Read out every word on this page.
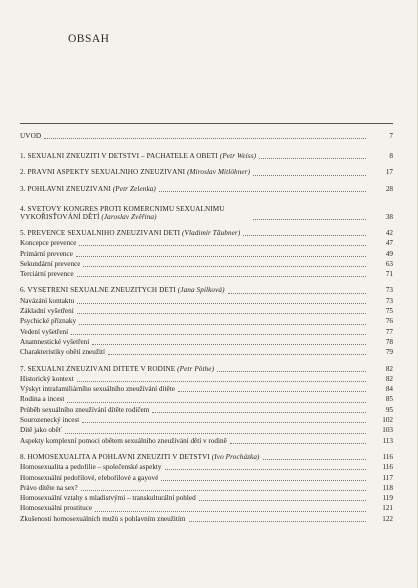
OBSAH
ÚVOD	7
1. SEXUÁLNÍ ZNEUŽITÍ V DĚTSTVÍ – PACHATELÉ A OBĚTI (Petr Weiss)	8
2. PRÁVNÍ ASPEKTY SEXUÁLNÍHO ZNEUŽÍVÁNÍ (Miroslav Mitlöhner)	17
3. POHLAVNÍ ZNEUŽÍVÁNÍ (Petr Zelenka)	28
4. SVĚTOVÝ KONGRES PROTI KOMERČNÍMU SEXUÁLNÍMU VYKOŘISŤOVÁNÍ DĚTÍ (Jaroslav Zvěřina)	38
5. PREVENCE SEXUÁLNÍHO ZNEUŽÍVÁNÍ DĚTÍ (Vladimír Tăubner)	42
Koncepce prevence	47
Primární prevence	49
Sekundární prevence	63
Terciární prevence	71
6. VYŠETŘENÍ SEXUÁLNĚ ZNEUŽITÝCH DĚTÍ (Jana Spilková)	73
Navázání kontaktu	73
Základní vyšetření	75
Psychické příznaky	76
Vedení vyšetření	77
Anamnestické vyšetření	78
Charakteristiky obětí zneužití	79
7. SEXUÁLNÍ ZNEUŽÍVÁNÍ DÍTĚTE V RODINĚ (Petr Pöthe)	82
Historický kontext	82
Výskyt intrafamiliárního sexuálního zneužívání dítěte	84
Rodina a incest	85
Průběh sexuálního zneužívání dítěte rodičem	95
Sourozenecký incest	102
Dítě jako oběť	103
Aspekty komplexní pomoci obětem sexuálního zneužívání dětí v rodině	113
8. HOMOSEXUALITA A POHLAVNÍ ZNEUŽITÍ V DĚTSTVÍ (Ivo Procházka)	116
Homosexualita a pedofilie – společenské aspekty	116
Homosexuální pedofilové, efebofilové a gayové	117
Právo dítěte na sex?	118
Homosexuální vztahy s mladistvými – transkulturální pohled	119
Homosexuální prostituce	121
Zkušenosti homosexuálních mužů s pohlavním zneužitím	122
